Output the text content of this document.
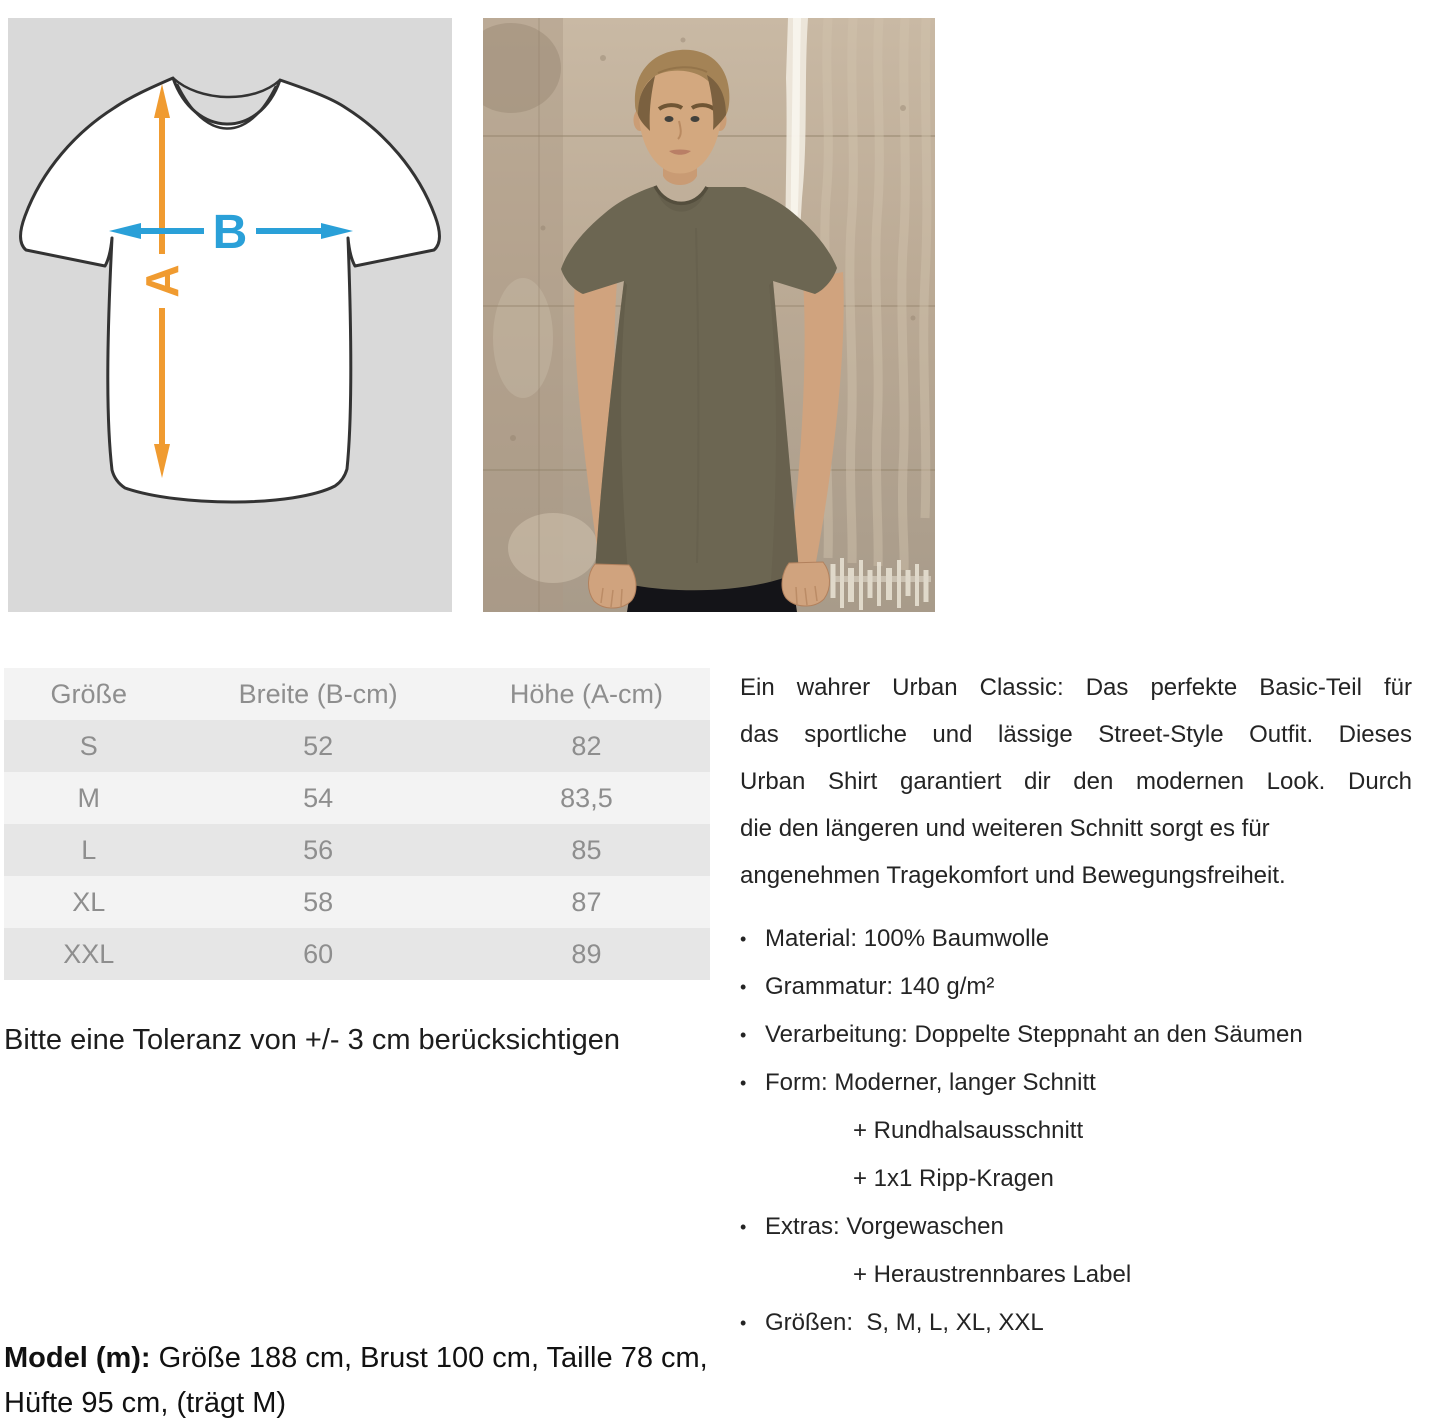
A
B
Größe	Breite (B-cm)	Höhe (A-cm)
S	52	82
M	54	83,5
L	56	85
XL	58	87
XXL	60	89
Bitte eine Toleranz von +/- 3 cm berücksichtigen
Ein wahrer Urban Classic: Das perfekte Basic-Teil für
das sportliche und lässige Street-Style Outfit. Dieses
Urban Shirt garantiert dir den modernen Look. Durch
die den längeren und weiteren Schnitt sorgt es für
angenehmen Tragekomfort und Bewegungsfreiheit.
• Material: 100% Baumwolle
• Grammatur: 140 g/m²
• Verarbeitung: Doppelte Steppnaht an den Säumen
• Form: Moderner, langer Schnitt
+ Rundhalsausschnitt
+ 1x1 Ripp-Kragen
• Extras: Vorgewaschen
+ Heraustrennbares Label
• Größen:  S, M, L, XL, XXL
Model (m): Größe 188 cm, Brust 100 cm, Taille 78 cm,
Hüfte 95 cm, (trägt M)
